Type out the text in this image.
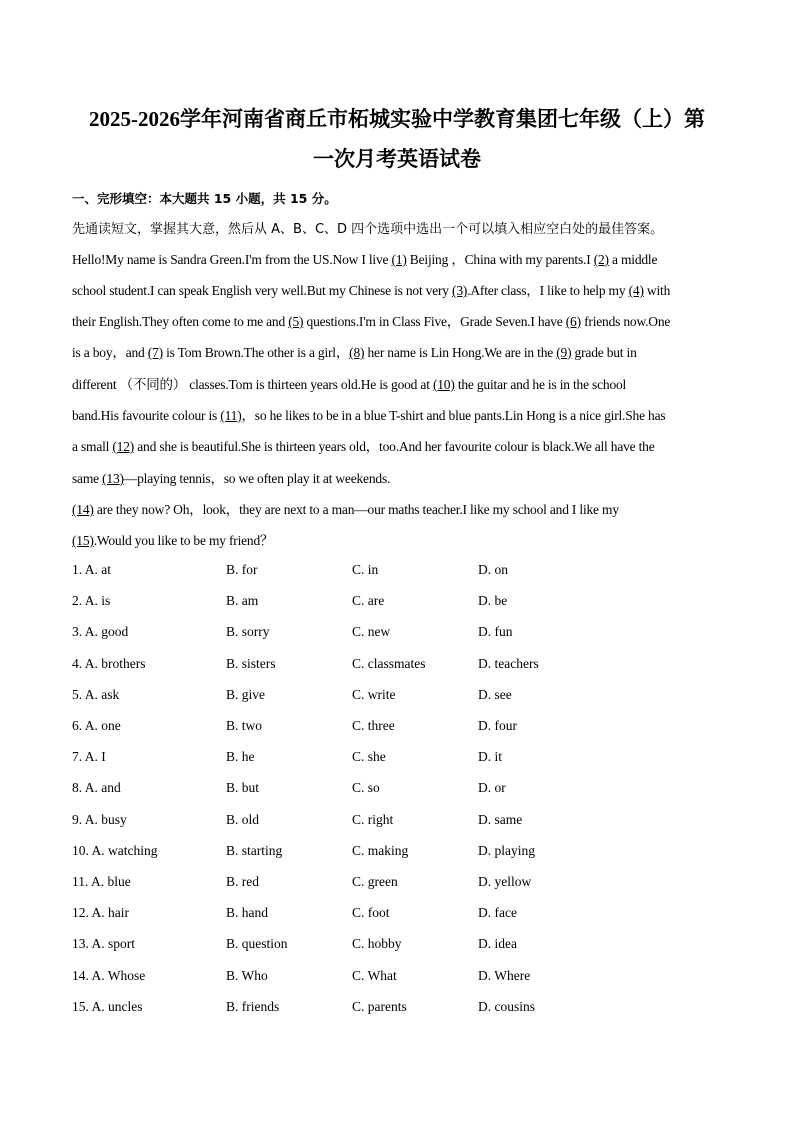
2025-2026学年河南省商丘市柘城实验中学教育集团七年级（上）第
一次月考英语试卷
一、完形填空：本大题共 15 小题，共 15 分。
先通读短文，掌握其大意，然后从 A、B、C、D 四个选项中选出一个可以填入相应空白处的最佳答案。
Hello!My name is Sandra Green.I'm from the US.Now I live (1) Beijing ，China with my parents.I (2) a middle
school student.I can speak English very well.But my Chinese is not very (3).After class，I like to help my (4) with
their English.They often come to me and (5) questions.I'm in Class Five，Grade Seven.I have (6) friends now.One
is a boy，and (7) is Tom Brown.The other is a girl，(8) her name is Lin Hong.We are in the (9) grade but in
different （不同的） classes.Tom is thirteen years old.He is good at (10) the guitar and he is in the school
band.His favourite colour is (11)，so he likes to be in a blue T-shirt and blue pants.Lin Hong is a nice girl.She has
a small (12) and she is beautiful.She is thirteen years old，too.And her favourite colour is black.We all have the
same (13)—playing tennis，so we often play it at weekends.
(14) are they now? Oh，look，they are next to a man—our maths teacher.I like my school and I like my
(15).Would you like to be my friend？
1. A. at	B. for	C. in	D. on
2. A. is	B. am	C. are	D. be
3. A. good	B. sorry	C. new	D. fun
4. A. brothers	B. sisters	C. classmates	D. teachers
5. A. ask	B. give	C. write	D. see
6. A. one	B. two	C. three	D. four
7. A. I	B. he	C. she	D. it
8. A. and	B. but	C. so	D. or
9. A. busy	B. old	C. right	D. same
10. A. watching	B. starting	C. making	D. playing
11. A. blue	B. red	C. green	D. yellow
12. A. hair	B. hand	C. foot	D. face
13. A. sport	B. question	C. hobby	D. idea
14. A. Whose	B. Who	C. What	D. Where
15. A. uncles	B. friends	C. parents	D. cousins
